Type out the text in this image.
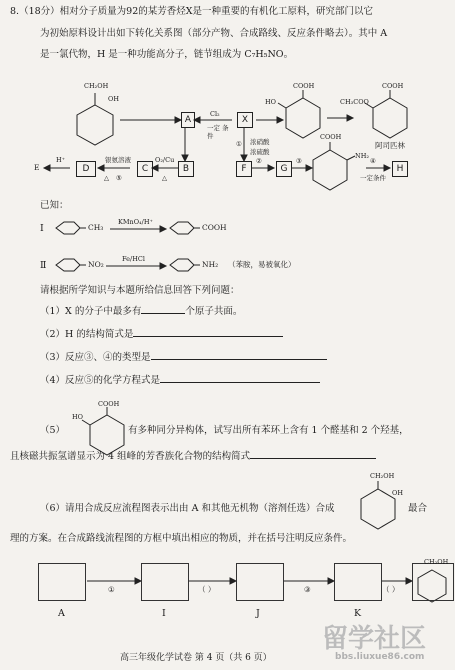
8.（18分）相对分子质量为92的某芳香烃X是一种重要的有机化工原料，研究部门以它
为初始原料设计出如下转化关系图（部分产物、合成路线、反应条件略去）。其中 A
是一氯代物，H 是一种功能高分子，链节组成为 C₇H₅NO。
CH₂OH
OH
A
Cl₂
一定 条件
X
HO
COOH
CH₃COO
COOH
阿司匹林
① 浓硝酸
浓硫酸
B
O₂/Cu
△
C
银氨溶液
△ ⑤
D
H⁺
E	F
②
G
③
COOH
NH₂
④
一定条件
H
已知：
Ⅰ	CH₃
KMnO₄/H⁺
COOH
Ⅱ	NO₂
Fe/HCl
NH₂ （苯胺，易被氧化）
请根据所学知识与本题所给信息回答下列问题：
（1）X 的分子中最多有	个原子共面。
（2）H 的结构简式是
（3）反应③、④的类型是
（4）反应⑤的化学方程式是
（5）
HO
COOH
有多种同分异构体，试写出所有苯环上含有 1 个醛基和 2 个羟基，
且核磁共振氢谱显示为 4 组峰的芳香族化合物的结构简式
CH₂OH
OH
（6）请用合成反应流程图表示出由 A 和其他无机物（溶剂任选）合成	最合
理的方案。在合成路线流程图的方框中填出相应的物质，并在括号注明反应条件。
CH₂OH
①	（ ）	③	（ ）
A	I	J	K
高三年级化学试卷 第 4 页（共 6 页）
留学社区
bbs.liuxue86.com
